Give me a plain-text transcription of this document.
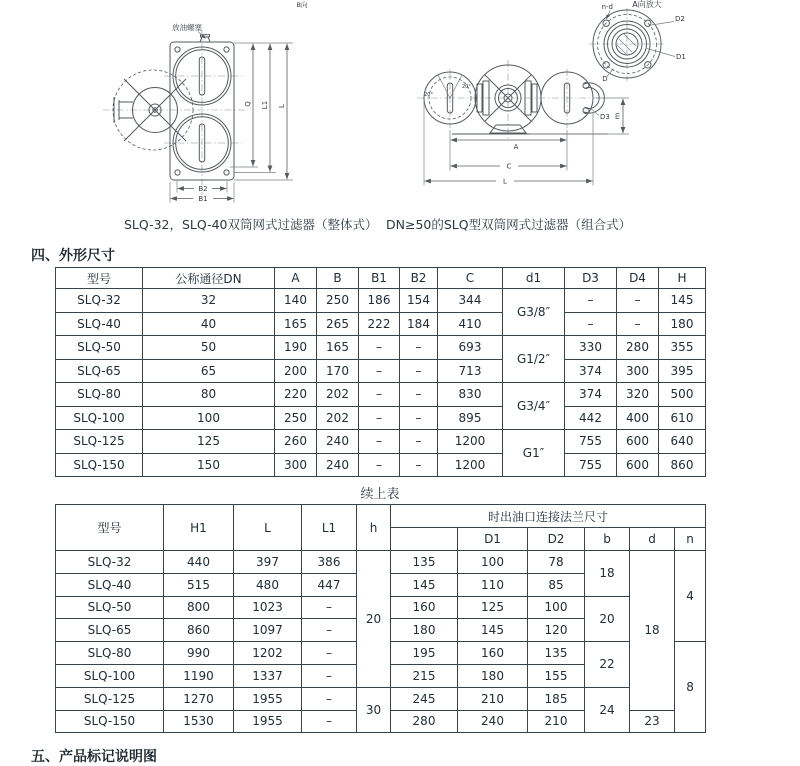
Q L1 L
B2
B1
放油螺塞
B向	n-d
D2
D1
D
A向放大
20°
20°
D3 m
A
C
L
SLQ-32，SLQ-40双筒网式过滤器（整体式） DN≥50的SLQ型双筒网式过滤器（组合式）
四、外形尺寸
型号	公称通径DN	A	B	B1	B2	C	d1	D3	D4	H
SLQ-32	32	140	250	186	154	344	G3/8″	–	–	145
SLQ-40	40	165	265	222	184	410		–	–	180
SLQ-50	50	190	165	–	–	693	G1/2″	330	280	355
SLQ-65	65	200	170	–	–	713		374	300	395
SLQ-80	80	220	202	–	–	830	G3/4″	374	320	500
SLQ-100	100	250	202	–	–	895		442	400	610
SLQ-125	125	260	240	–	–	1200	G1″	755	600	640
SLQ-150	150	300	240	–	–	1200		755	600	860
续上表
型号	H1	L	L1	h	时出油口连接法兰尺寸					
						D1	D2	b	d	n
SLQ-32	440	397	386	20	135	100	78	18	18	4
SLQ-40	515	480	447		145	110	85			
SLQ-50	800	1023	–		160	125	100	20		
SLQ-65	860	1097	–		180	145	120			
SLQ-80	990	1202	–		195	160	135	22		8
SLQ-100	1190	1337	–		215	180	155			
SLQ-125	1270	1955	–	30	245	210	185	24		
SLQ-150	1530	1955	–		280	240	210		23	
五、产品标记说明图
